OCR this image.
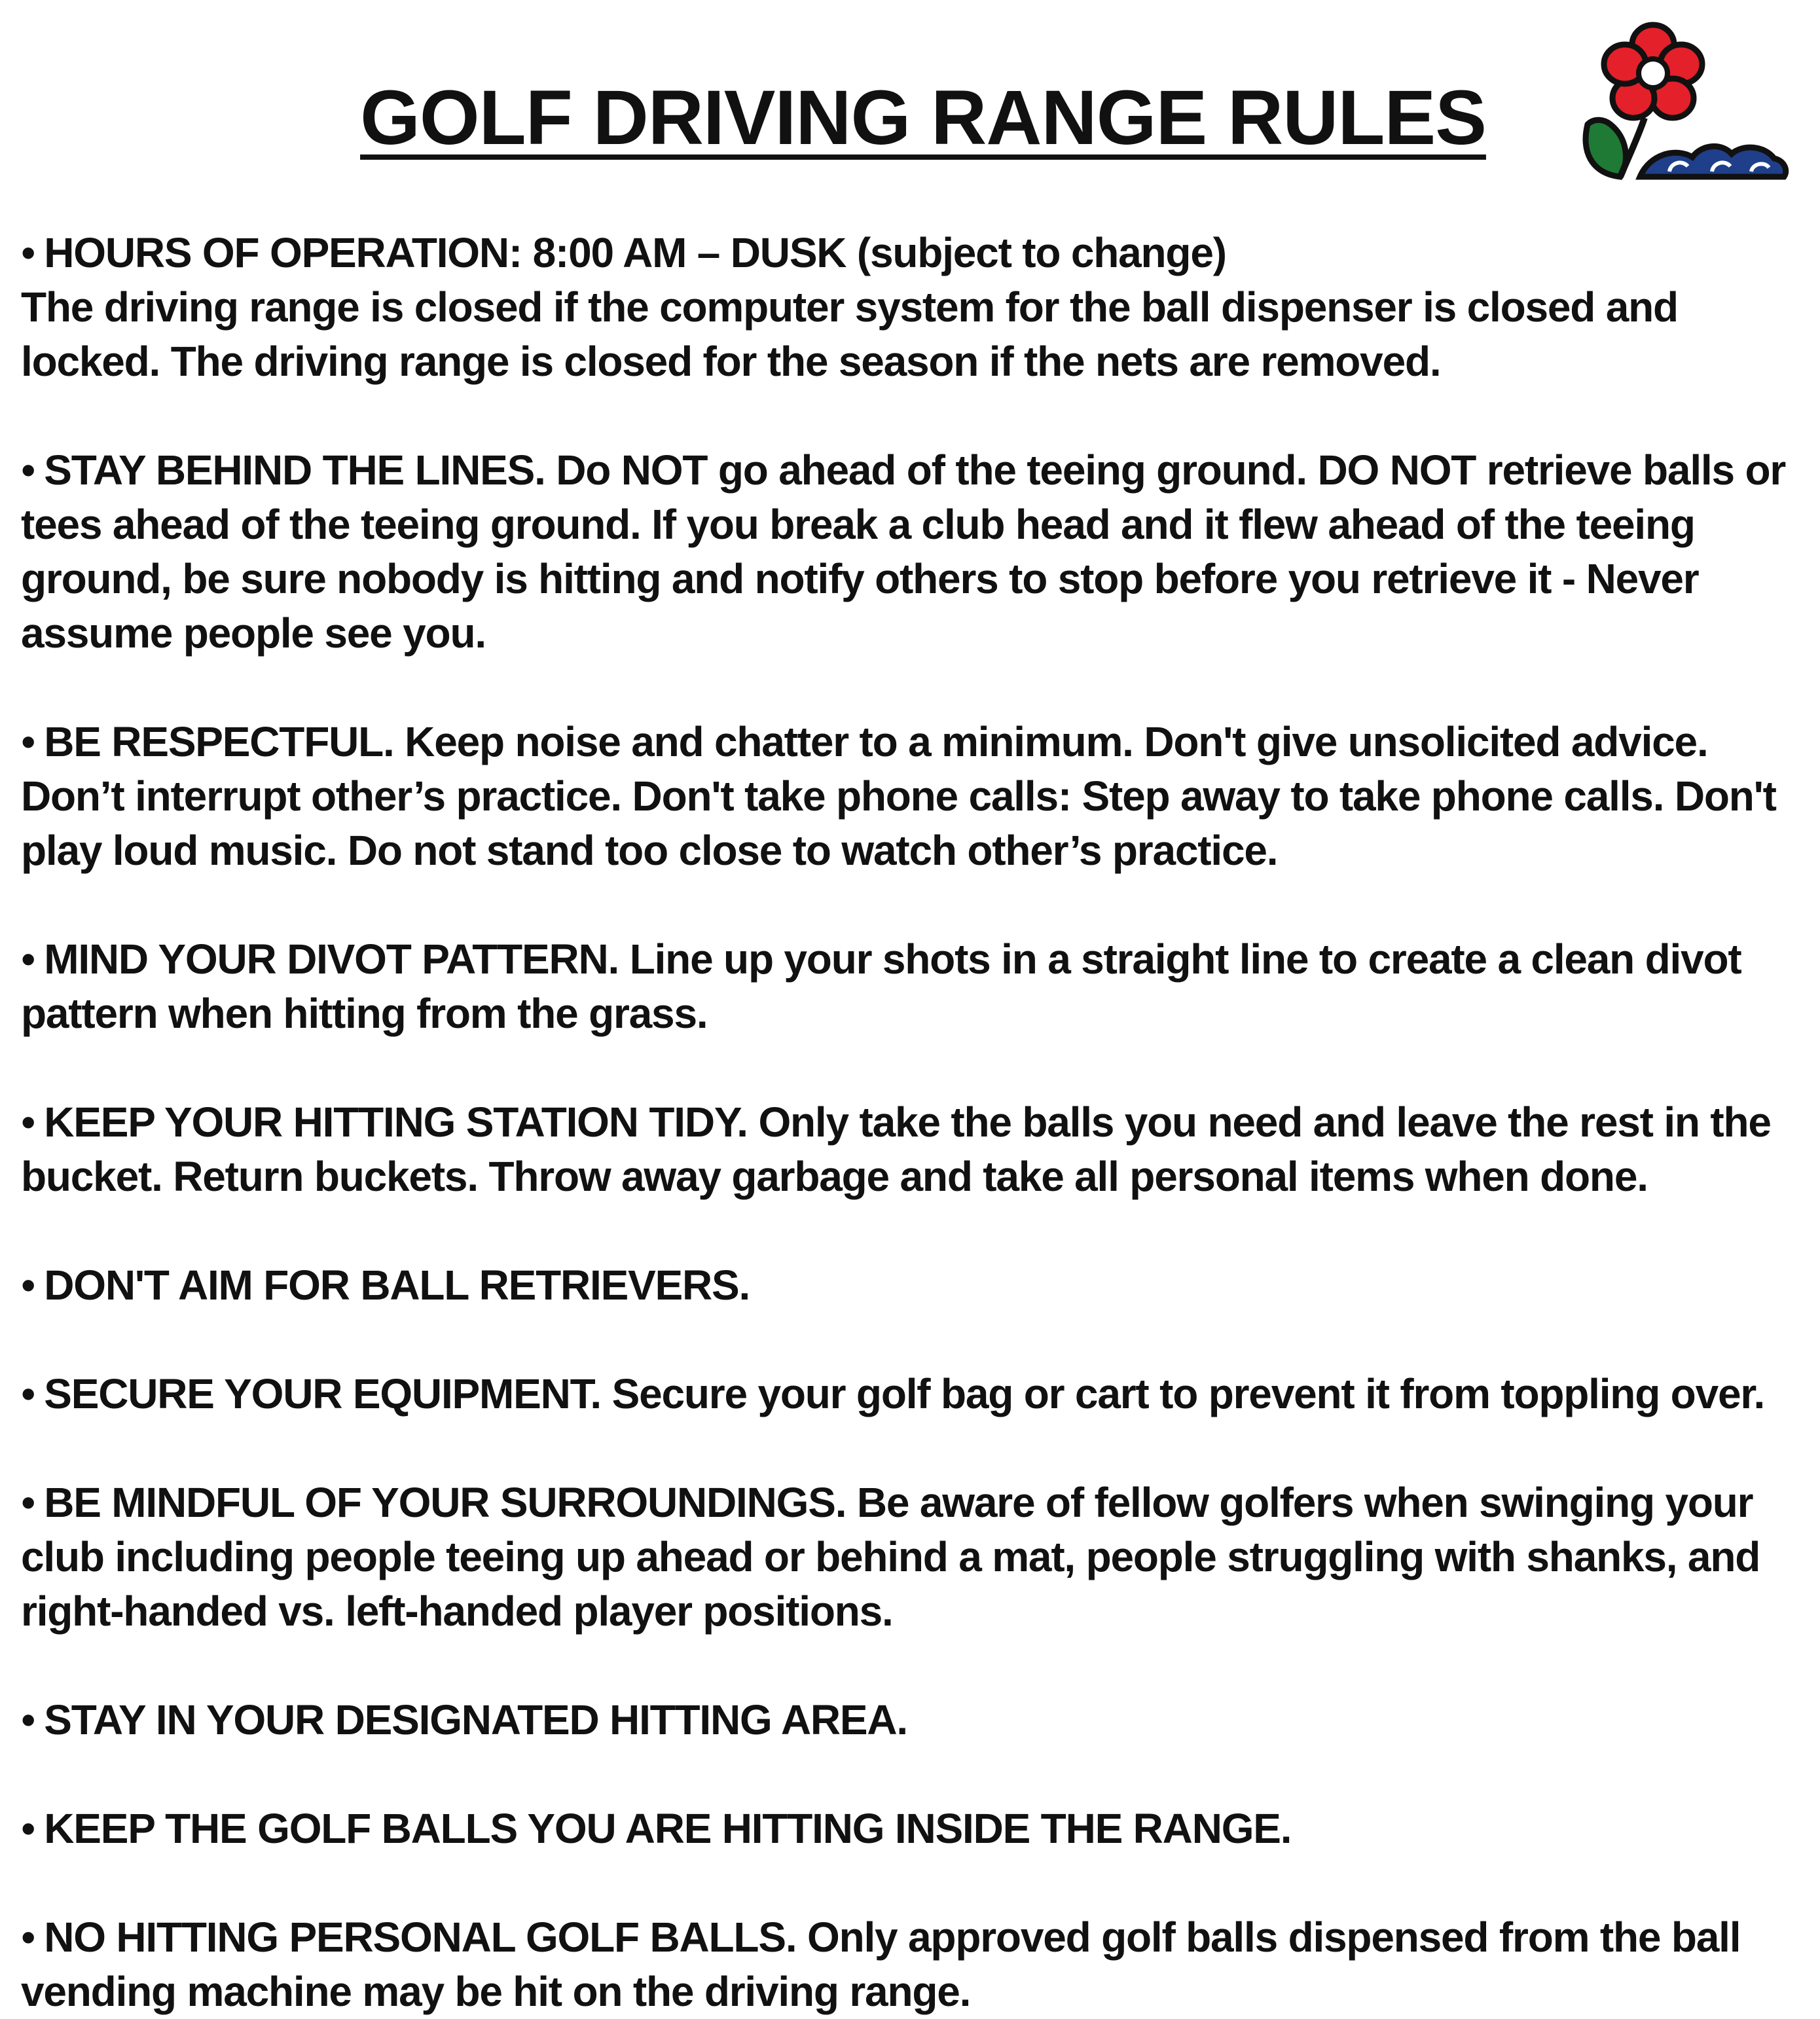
GOLF DRIVING RANGE RULES
• HOURS OF OPERATION: 8:00 AM – DUSK (subject to change)
The driving range is closed if the computer system for the ball dispenser is closed and locked. The driving range is closed for the season if the nets are removed.
• STAY BEHIND THE LINES. Do NOT go ahead of the teeing ground. DO NOT retrieve balls or tees ahead of the teeing ground. If you break a club head and it flew ahead of the teeing ground, be sure nobody is hitting and notify others to stop before you retrieve it - Never assume people see you.
• BE RESPECTFUL. Keep noise and chatter to a minimum. Don't give unsolicited advice. Don’t interrupt other’s practice. Don't take phone calls: Step away to take phone calls. Don't play loud music. Do not stand too close to watch other’s practice.
• MIND YOUR DIVOT PATTERN. Line up your shots in a straight line to create a clean divot pattern when hitting from the grass.
• KEEP YOUR HITTING STATION TIDY. Only take the balls you need and leave the rest in the bucket. Return buckets. Throw away garbage and take all personal items when done.
• DON'T AIM FOR BALL RETRIEVERS.
• SECURE YOUR EQUIPMENT. Secure your golf bag or cart to prevent it from toppling over.
• BE MINDFUL OF YOUR SURROUNDINGS. Be aware of fellow golfers when swinging your club including people teeing up ahead or behind a mat, people struggling with shanks, and right-handed vs. left-handed player positions.
• STAY IN YOUR DESIGNATED HITTING AREA.
• KEEP THE GOLF BALLS YOU ARE HITTING INSIDE THE RANGE.
• NO HITTING PERSONAL GOLF BALLS. Only approved golf balls dispensed from the ball vending machine may be hit on the driving range.
